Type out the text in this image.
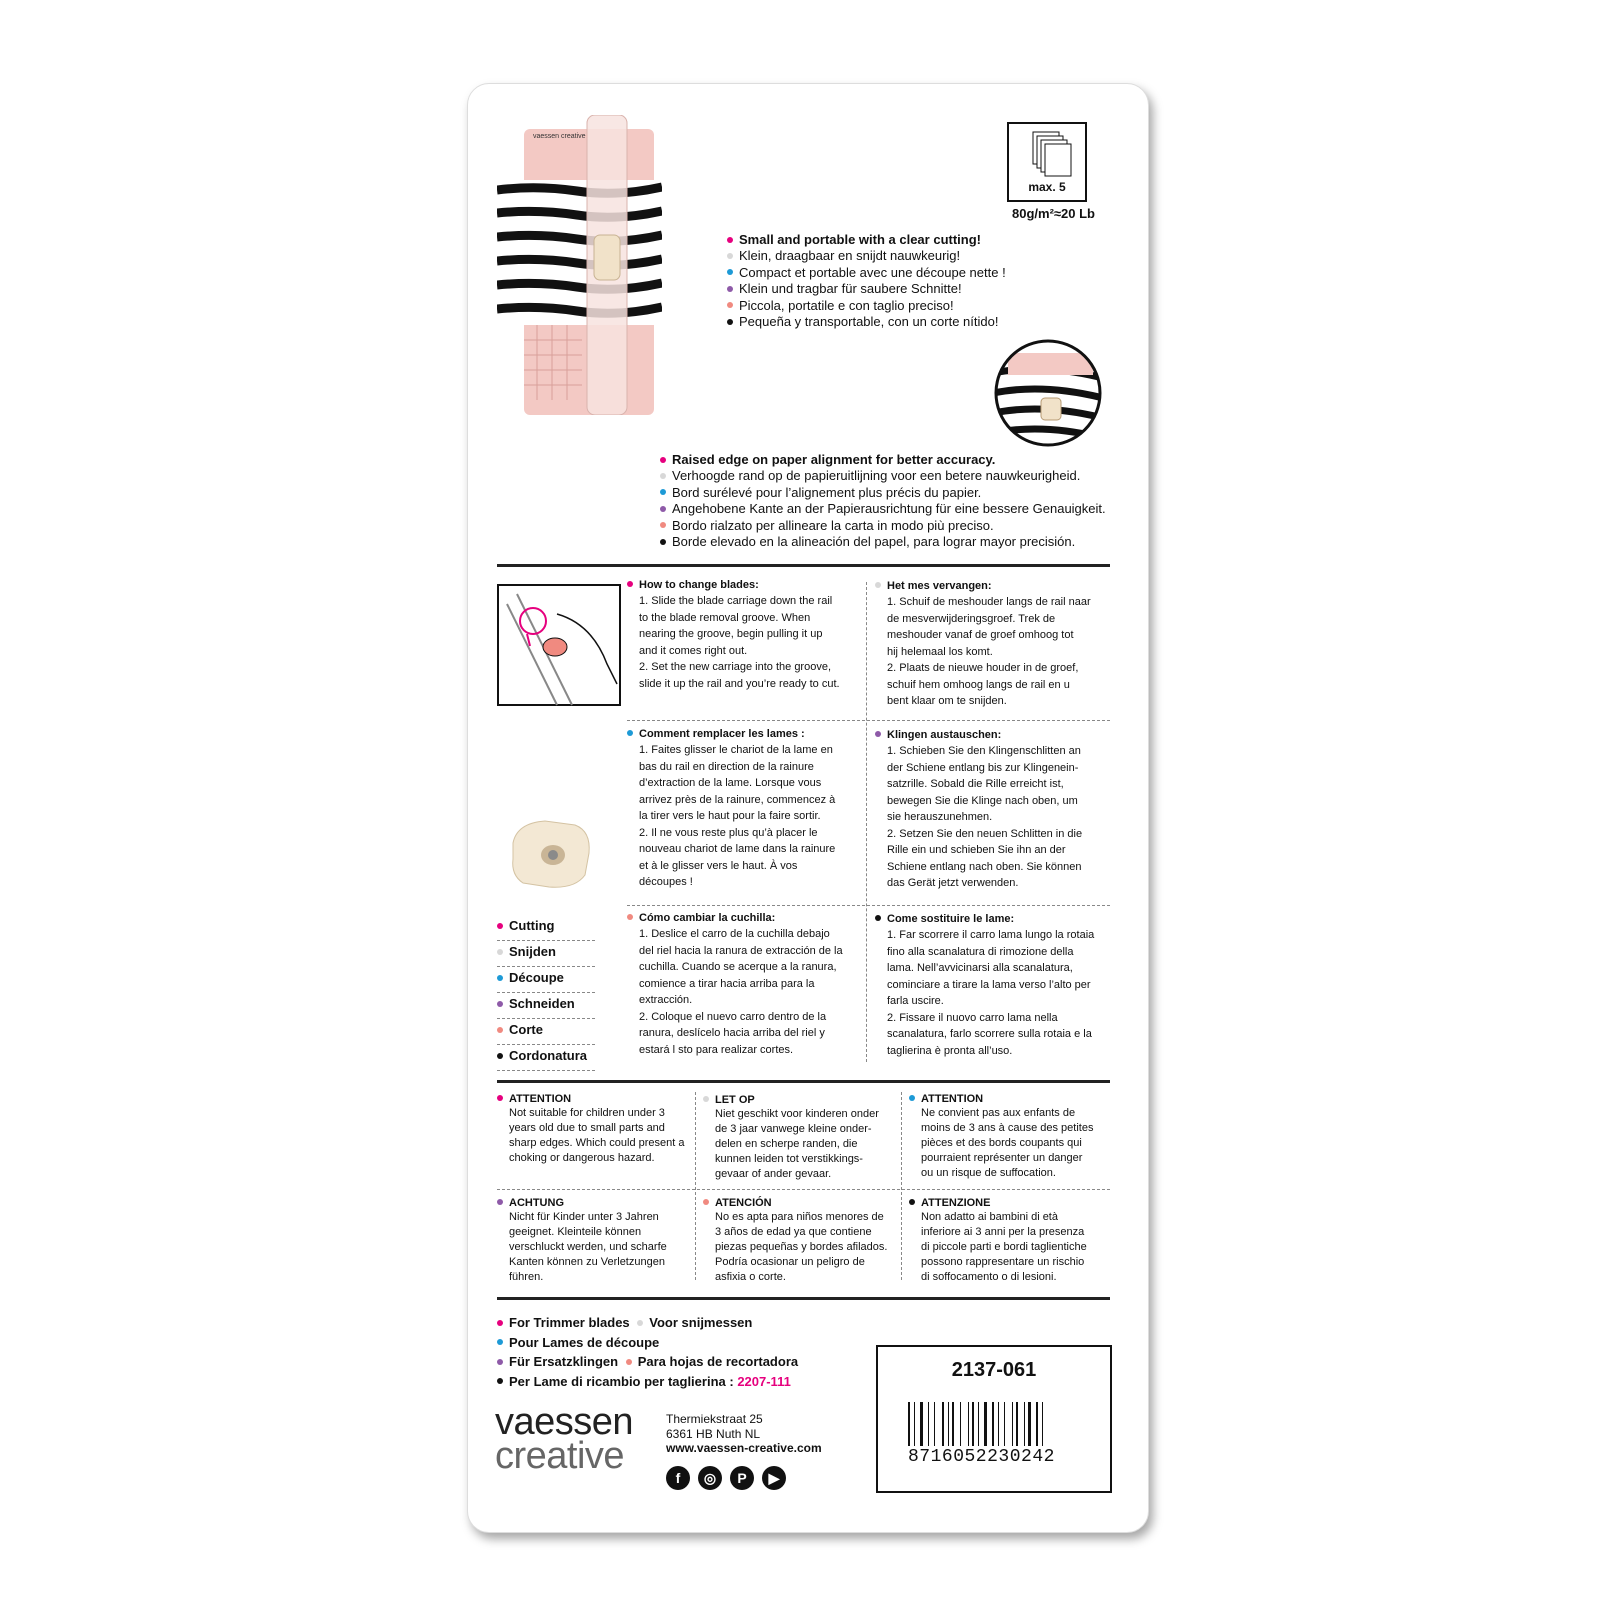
vaessen creative
max. 5
80g/m²≈20 Lb
Small and portable with a clear cutting!
Klein, draagbaar en snijdt nauwkeurig!
Compact et portable avec une découpe nette !
Klein und tragbar für saubere Schnitte!
Piccola, portatile e con taglio preciso!
Pequeña y transportable, con un corte nítido!
Raised edge on paper alignment for better accuracy.
Verhoogde rand op de papieruitlijning voor een betere nauwkeurigheid.
Bord surélevé pour l’alignement plus précis du papier.
Angehobene Kante an der Papierausrichtung für eine bessere Genauigkeit.
Bordo rialzato per allineare la carta in modo più preciso.
Borde elevado en la alineación del papel, para lograr mayor precisión.

How to change blades:

1. Slide the blade carriage down the rail
to the blade removal groove. When
nearing the groove, begin pulling it up
and it comes right out.
2. Set the new carriage into the groove,
slide it up the rail and you’re ready to cut.

Het mes vervangen:

1. Schuif de meshouder langs de rail naar
de mesverwijderingsgroef. Trek de
meshouder vanaf de groef omhoog tot
hij helemaal los komt.
2. Plaats de nieuwe houder in de groef,
schuif hem omhoog langs de rail en u
bent klaar om te snijden.

Comment remplacer les lames :

1. Faites glisser le chariot de la lame en
bas du rail en direction de la rainure
d’extraction de la lame. Lorsque vous
arrivez près de la rainure, commencez à
la tirer vers le haut pour la faire sortir.
2. Il ne vous reste plus qu’à placer le
nouveau chariot de lame dans la rainure
et à le glisser vers le haut. À vos
découpes !

Klingen austauschen:

1. Schieben Sie den Klingenschlitten an
der Schiene entlang bis zur Klingenein-
satzrille. Sobald die Rille erreicht ist,
bewegen Sie die Klinge nach oben, um
sie herauszunehmen.
2. Setzen Sie den neuen Schlitten in die
Rille ein und schieben Sie ihn an der
Schiene entlang nach oben. Sie können
das Gerät jetzt verwenden.

Cómo cambiar la cuchilla:

1. Deslice el carro de la cuchilla debajo
del riel hacia la ranura de extracción de la
cuchilla. Cuando se acerque a la ranura,
comience a tirar hacia arriba para la
extracción.
2. Coloque el nuevo carro dentro de la
ranura, deslícelo hacia arriba del riel y
estará l sto para realizar cortes.

Come sostituire le lame:

1. Far scorrere il carro lama lungo la rotaia
fino alla scanalatura di rimozione della
lama. Nell’avvicinarsi alla scanalatura,
cominciare a tirare la lama verso l’alto per
farla uscire.
2. Fissare il nuovo carro lama nella
scanalatura, farlo scorrere sulla rotaia e la
taglierina è pronta all’uso.

Cutting
Snijden
Découpe
Schneiden
Corte
Cordonatura
ATTENTION
Not suitable for children under 3
years old due to small parts and
sharp edges. Which could present a
choking or dangerous hazard.
LET OP
Niet geschikt voor kinderen onder
de 3 jaar vanwege kleine onder-
delen en scherpe randen, die
kunnen leiden tot verstikkings-
gevaar of ander gevaar.
ATTENTION
Ne convient pas aux enfants de
moins de 3 ans à cause des petites
pièces et des bords coupants qui
pourraient représenter un danger
ou un risque de suffocation.
ACHTUNG
Nicht für Kinder unter 3 Jahren
geeignet. Kleinteile können
verschluckt werden, und scharfe
Kanten können zu Verletzungen
führen.
ATENCIÓN
No es apta para niños menores de
3 años de edad ya que contiene
piezas pequeñas y bordes afilados.
Podría ocasionar un peligro de
asfixia o corte.
ATTENZIONE
Non adatto ai bambini di età
inferiore ai 3 anni per la presenza
di piccole parti e bordi taglientiche
possono rappresentare un rischio
di soffocamento o di lesioni.
For Trimmer blades Voor snijmessen
Pour Lames de découpe
Für Ersatzklingen Para hojas de recortadora
Per Lame di ricambio per taglierina : 2207-111	2137-061
8716052230242
vaessen
creative
Thermiekstraat 25
6361 HB Nuth NL
www.vaessen-creative.com
f ◎ P ▶
